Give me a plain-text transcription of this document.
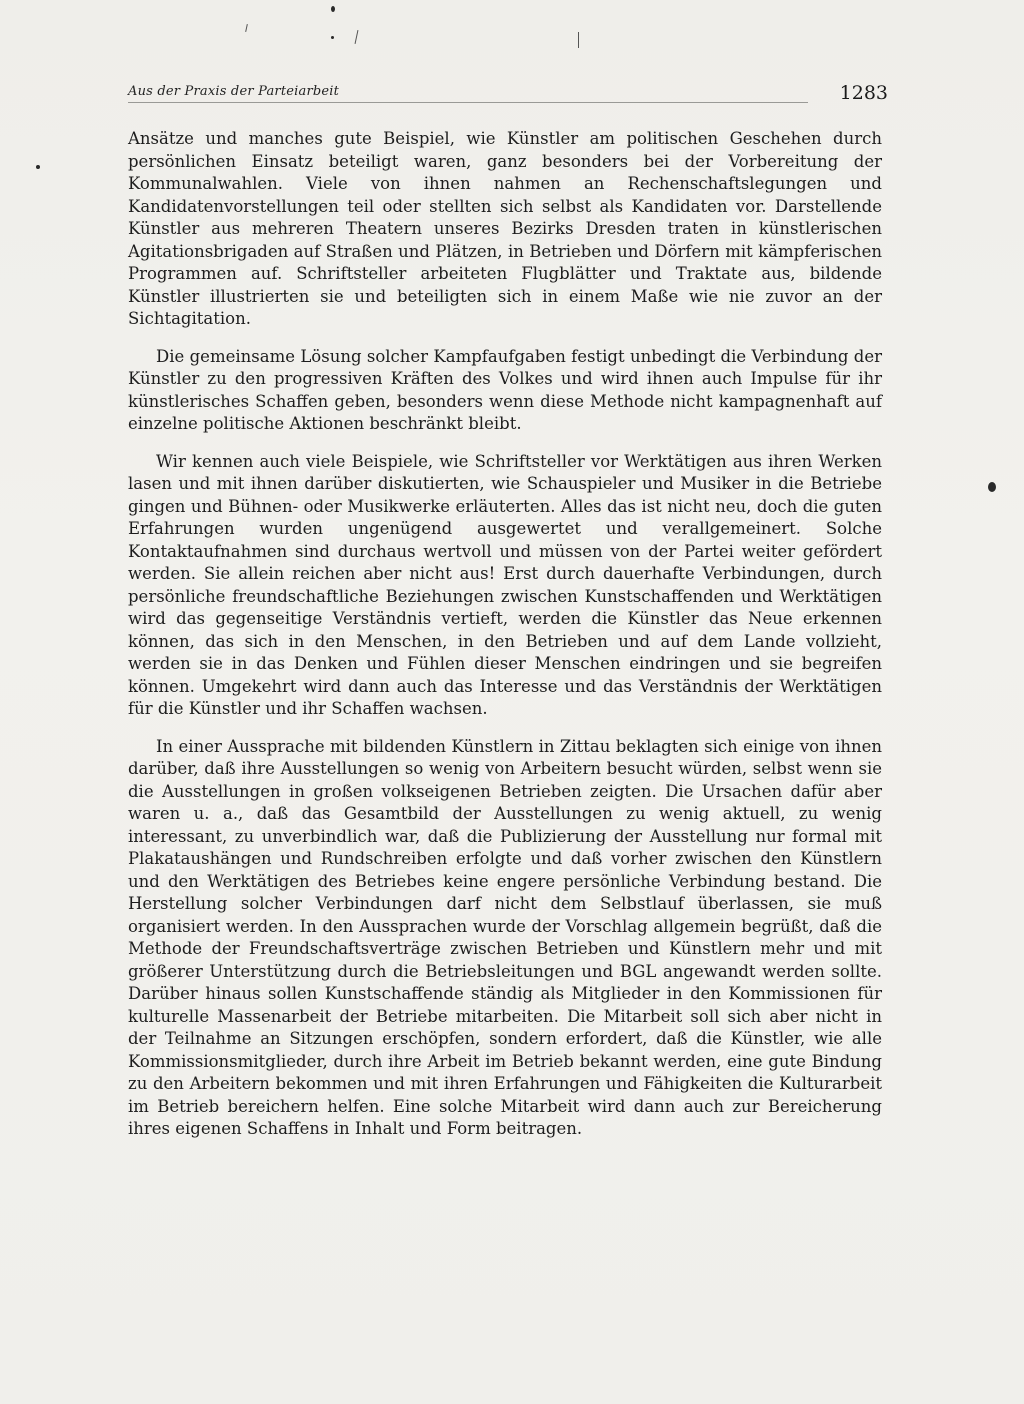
Aus der Praxis der Parteiarbeit	1283

Ansätze und manches gute Beispiel, wie Künstler am politischen Geschehen durch persönlichen Einsatz beteiligt waren, ganz besonders bei der Vorbereitung der Kommunalwahlen. Viele von ihnen nahmen an Rechenschaftslegungen und Kandidatenvorstellungen teil oder stellten sich selbst als Kandidaten vor. Darstellende Künstler aus mehreren Theatern unseres Bezirks Dresden traten in künstlerischen Agitationsbrigaden auf Straßen und Plätzen, in Betrieben und Dörfern mit kämpferischen Programmen auf. Schriftsteller arbeiteten Flugblätter und Traktate aus, bildende Künstler illustrierten sie und beteiligten sich in einem Maße wie nie zuvor an der Sichtagitation.

Die gemeinsame Lösung solcher Kampfaufgaben festigt unbedingt die Verbindung der Künstler zu den progressiven Kräften des Volkes und wird ihnen auch Impulse für ihr künstlerisches Schaffen geben, besonders wenn diese Methode nicht kampagnenhaft auf einzelne politische Aktionen beschränkt bleibt.

Wir kennen auch viele Beispiele, wie Schriftsteller vor Werktätigen aus ihren Werken lasen und mit ihnen darüber diskutierten, wie Schauspieler und Musiker in die Betriebe gingen und Bühnen- oder Musikwerke erläuterten. Alles das ist nicht neu, doch die guten Erfahrungen wurden ungenügend ausgewertet und verallgemeinert. Solche Kontaktaufnahmen sind durchaus wertvoll und müssen von der Partei weiter gefördert werden. Sie allein reichen aber nicht aus! Erst durch dauerhafte Verbindungen, durch persönliche freundschaftliche Beziehungen zwischen Kunstschaffenden und Werktätigen wird das gegenseitige Verständnis vertieft, werden die Künstler das Neue erkennen können, das sich in den Menschen, in den Betrieben und auf dem Lande vollzieht, werden sie in das Denken und Fühlen dieser Menschen eindringen und sie begreifen können. Umgekehrt wird dann auch das Interesse und das Verständnis der Werktätigen für die Künstler und ihr Schaffen wachsen.

In einer Aussprache mit bildenden Künstlern in Zittau beklagten sich einige von ihnen darüber, daß ihre Ausstellungen so wenig von Arbeitern besucht würden, selbst wenn sie die Ausstellungen in großen volkseigenen Betrieben zeigten. Die Ursachen dafür aber waren u. a., daß das Gesamtbild der Ausstellungen zu wenig aktuell, zu wenig interessant, zu unverbindlich war, daß die Publizierung der Ausstellung nur formal mit Plakataushängen und Rundschreiben erfolgte und daß vorher zwischen den Künstlern und den Werktätigen des Betriebes keine engere persönliche Verbindung bestand. Die Herstellung solcher Verbindungen darf nicht dem Selbstlauf überlassen, sie muß organisiert werden. In den Aussprachen wurde der Vorschlag allgemein begrüßt, daß die Methode der Freundschaftsverträge zwischen Betrieben und Künstlern mehr und mit größerer Unterstützung durch die Betriebsleitungen und BGL angewandt werden sollte. Darüber hinaus sollen Kunstschaffende ständig als Mitglieder in den Kommissionen für kulturelle Massenarbeit der Betriebe mitarbeiten. Die Mitarbeit soll sich aber nicht in der Teilnahme an Sitzungen erschöpfen, sondern erfordert, daß die Künstler, wie alle Kommissionsmitglieder, durch ihre Arbeit im Betrieb bekannt werden, eine gute Bindung zu den Arbeitern bekommen und mit ihren Erfahrungen und Fähigkeiten die Kulturarbeit im Betrieb bereichern helfen. Eine solche Mitarbeit wird dann auch zur Bereicherung ihres eigenen Schaffens in Inhalt und Form beitragen.
